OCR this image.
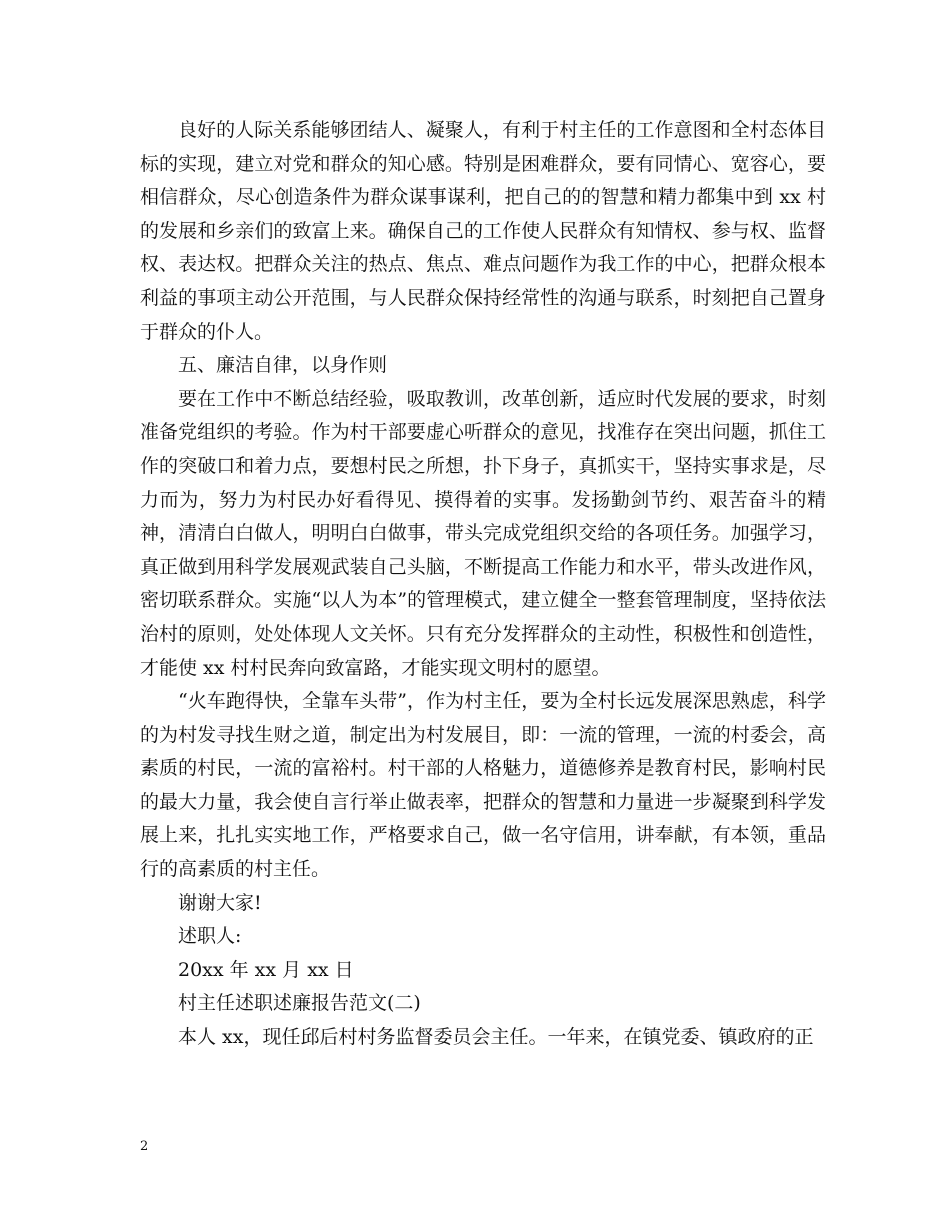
良好的人际关系能够团结人、凝聚人，有利于村主任的工作意图和全村态体目标的实现，建立对党和群众的知心感。特别是困难群众，要有同情心、宽容心，要相信群众，尽心创造条件为群众谋事谋利，把自己的的智慧和精力都集中到 xx 村的发展和乡亲们的致富上来。确保自己的工作使人民群众有知情权、参与权、监督权、表达权。把群众关注的热点、焦点、难点问题作为我工作的中心，把群众根本利益的事项主动公开范围，与人民群众保持经常性的沟通与联系，时刻把自己置身于群众的仆人。

五、廉洁自律，以身作则

要在工作中不断总结经验，吸取教训，改革创新，适应时代发展的要求，时刻准备党组织的考验。作为村干部要虚心听群众的意见，找准存在突出问题，抓住工作的突破口和着力点，要想村民之所想，扑下身子，真抓实干，坚持实事求是，尽力而为，努力为村民办好看得见、摸得着的实事。发扬勤剑节约、艰苦奋斗的精神，清清白白做人，明明白白做事，带头完成党组织交给的各项任务。加强学习，真正做到用科学发展观武装自己头脑，不断提高工作能力和水平，带头改进作风，密切联系群众。实施“以人为本”的管理模式，建立健全一整套管理制度，坚持依法治村的原则，处处体现人文关怀。只有充分发挥群众的主动性，积极性和创造性，才能使 xx 村村民奔向致富路，才能实现文明村的愿望。

“火车跑得快，全靠车头带”，作为村主任，要为全村长远发展深思熟虑，科学的为村发寻找生财之道，制定出为村发展目，即：一流的管理，一流的村委会，高素质的村民，一流的富裕村。村干部的人格魅力，道德修养是教育村民，影响村民的最大力量，我会使自言行举止做表率，把群众的智慧和力量进一步凝聚到科学发展上来，扎扎实实地工作，严格要求自己，做一名守信用，讲奉献，有本领，重品行的高素质的村主任。

谢谢大家!

述职人:

20xx 年 xx 月 xx 日

村主任述职述廉报告范文(二)

本人 xx，现任邱后村村务监督委员会主任。一年来，在镇党委、镇政府的正

2
